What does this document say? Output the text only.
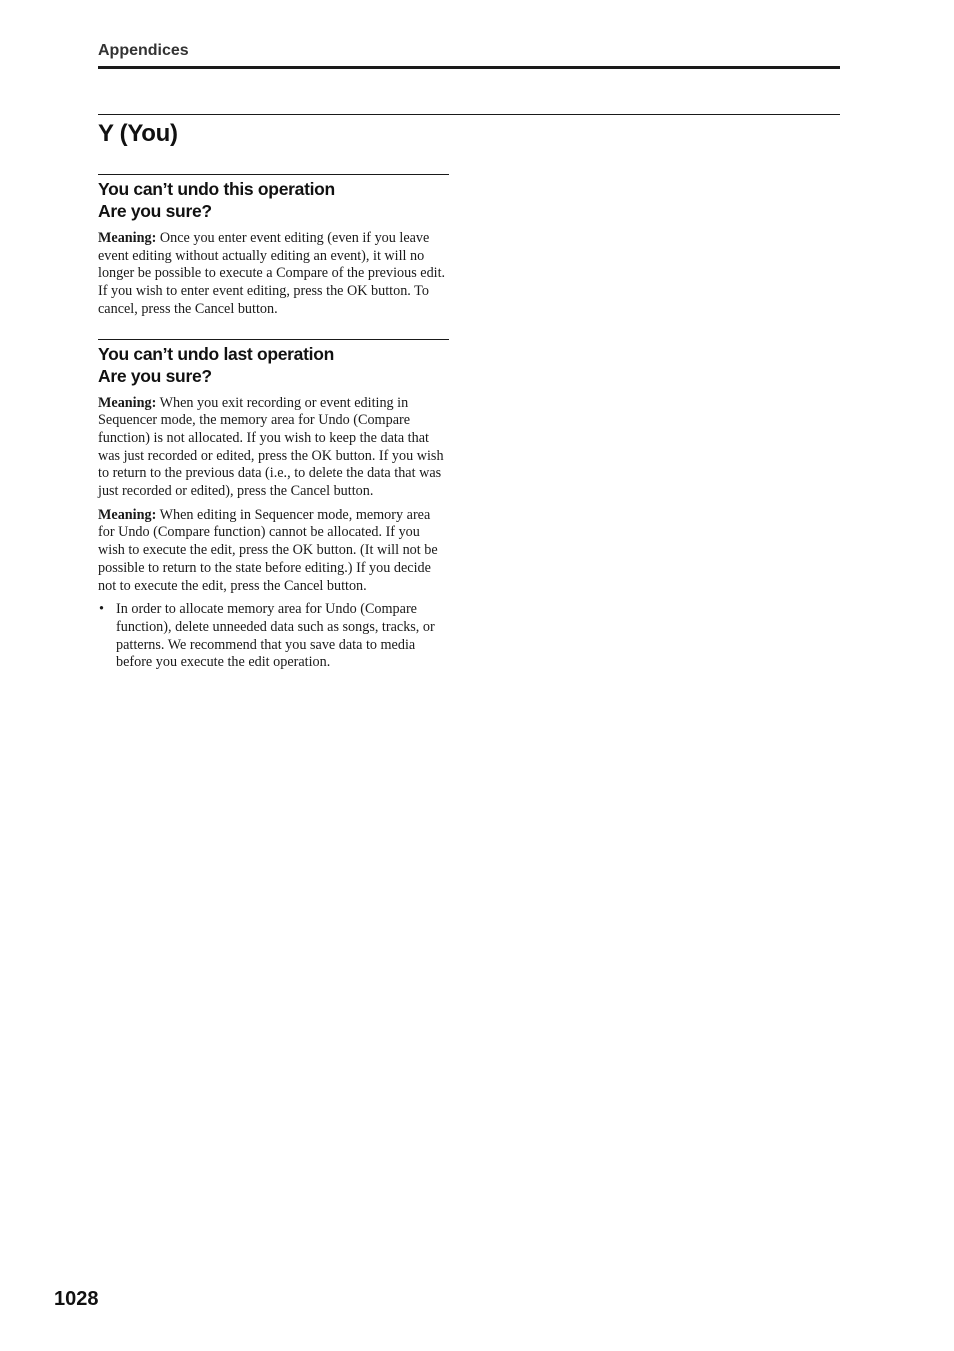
Appendices
Y (You)
You can’t undo this operation
Are you sure?

Meaning: Once you enter event editing (even if you leave event editing without actually editing an event), it will no longer be possible to execute a Compare of the previous edit. If you wish to enter event editing, press the OK button. To cancel, press the Cancel button.

You can’t undo last operation
Are you sure?

Meaning: When you exit recording or event editing in Sequencer mode, the memory area for Undo (Compare function) is not allocated. If you wish to keep the data that was just recorded or edited, press the OK button. If you wish to return to the previous data (i.e., to delete the data that was just recorded or edited), press the Cancel button.

Meaning: When editing in Sequencer mode, memory area for Undo (Compare function) cannot be allocated. If you wish to execute the edit, press the OK button. (It will not be possible to return to the state before editing.) If you decide not to execute the edit, press the Cancel button.

• In order to allocate memory area for Undo (Compare function), delete unneeded data such as songs, tracks, or patterns. We recommend that you save data to media before you execute the edit operation.

1028
